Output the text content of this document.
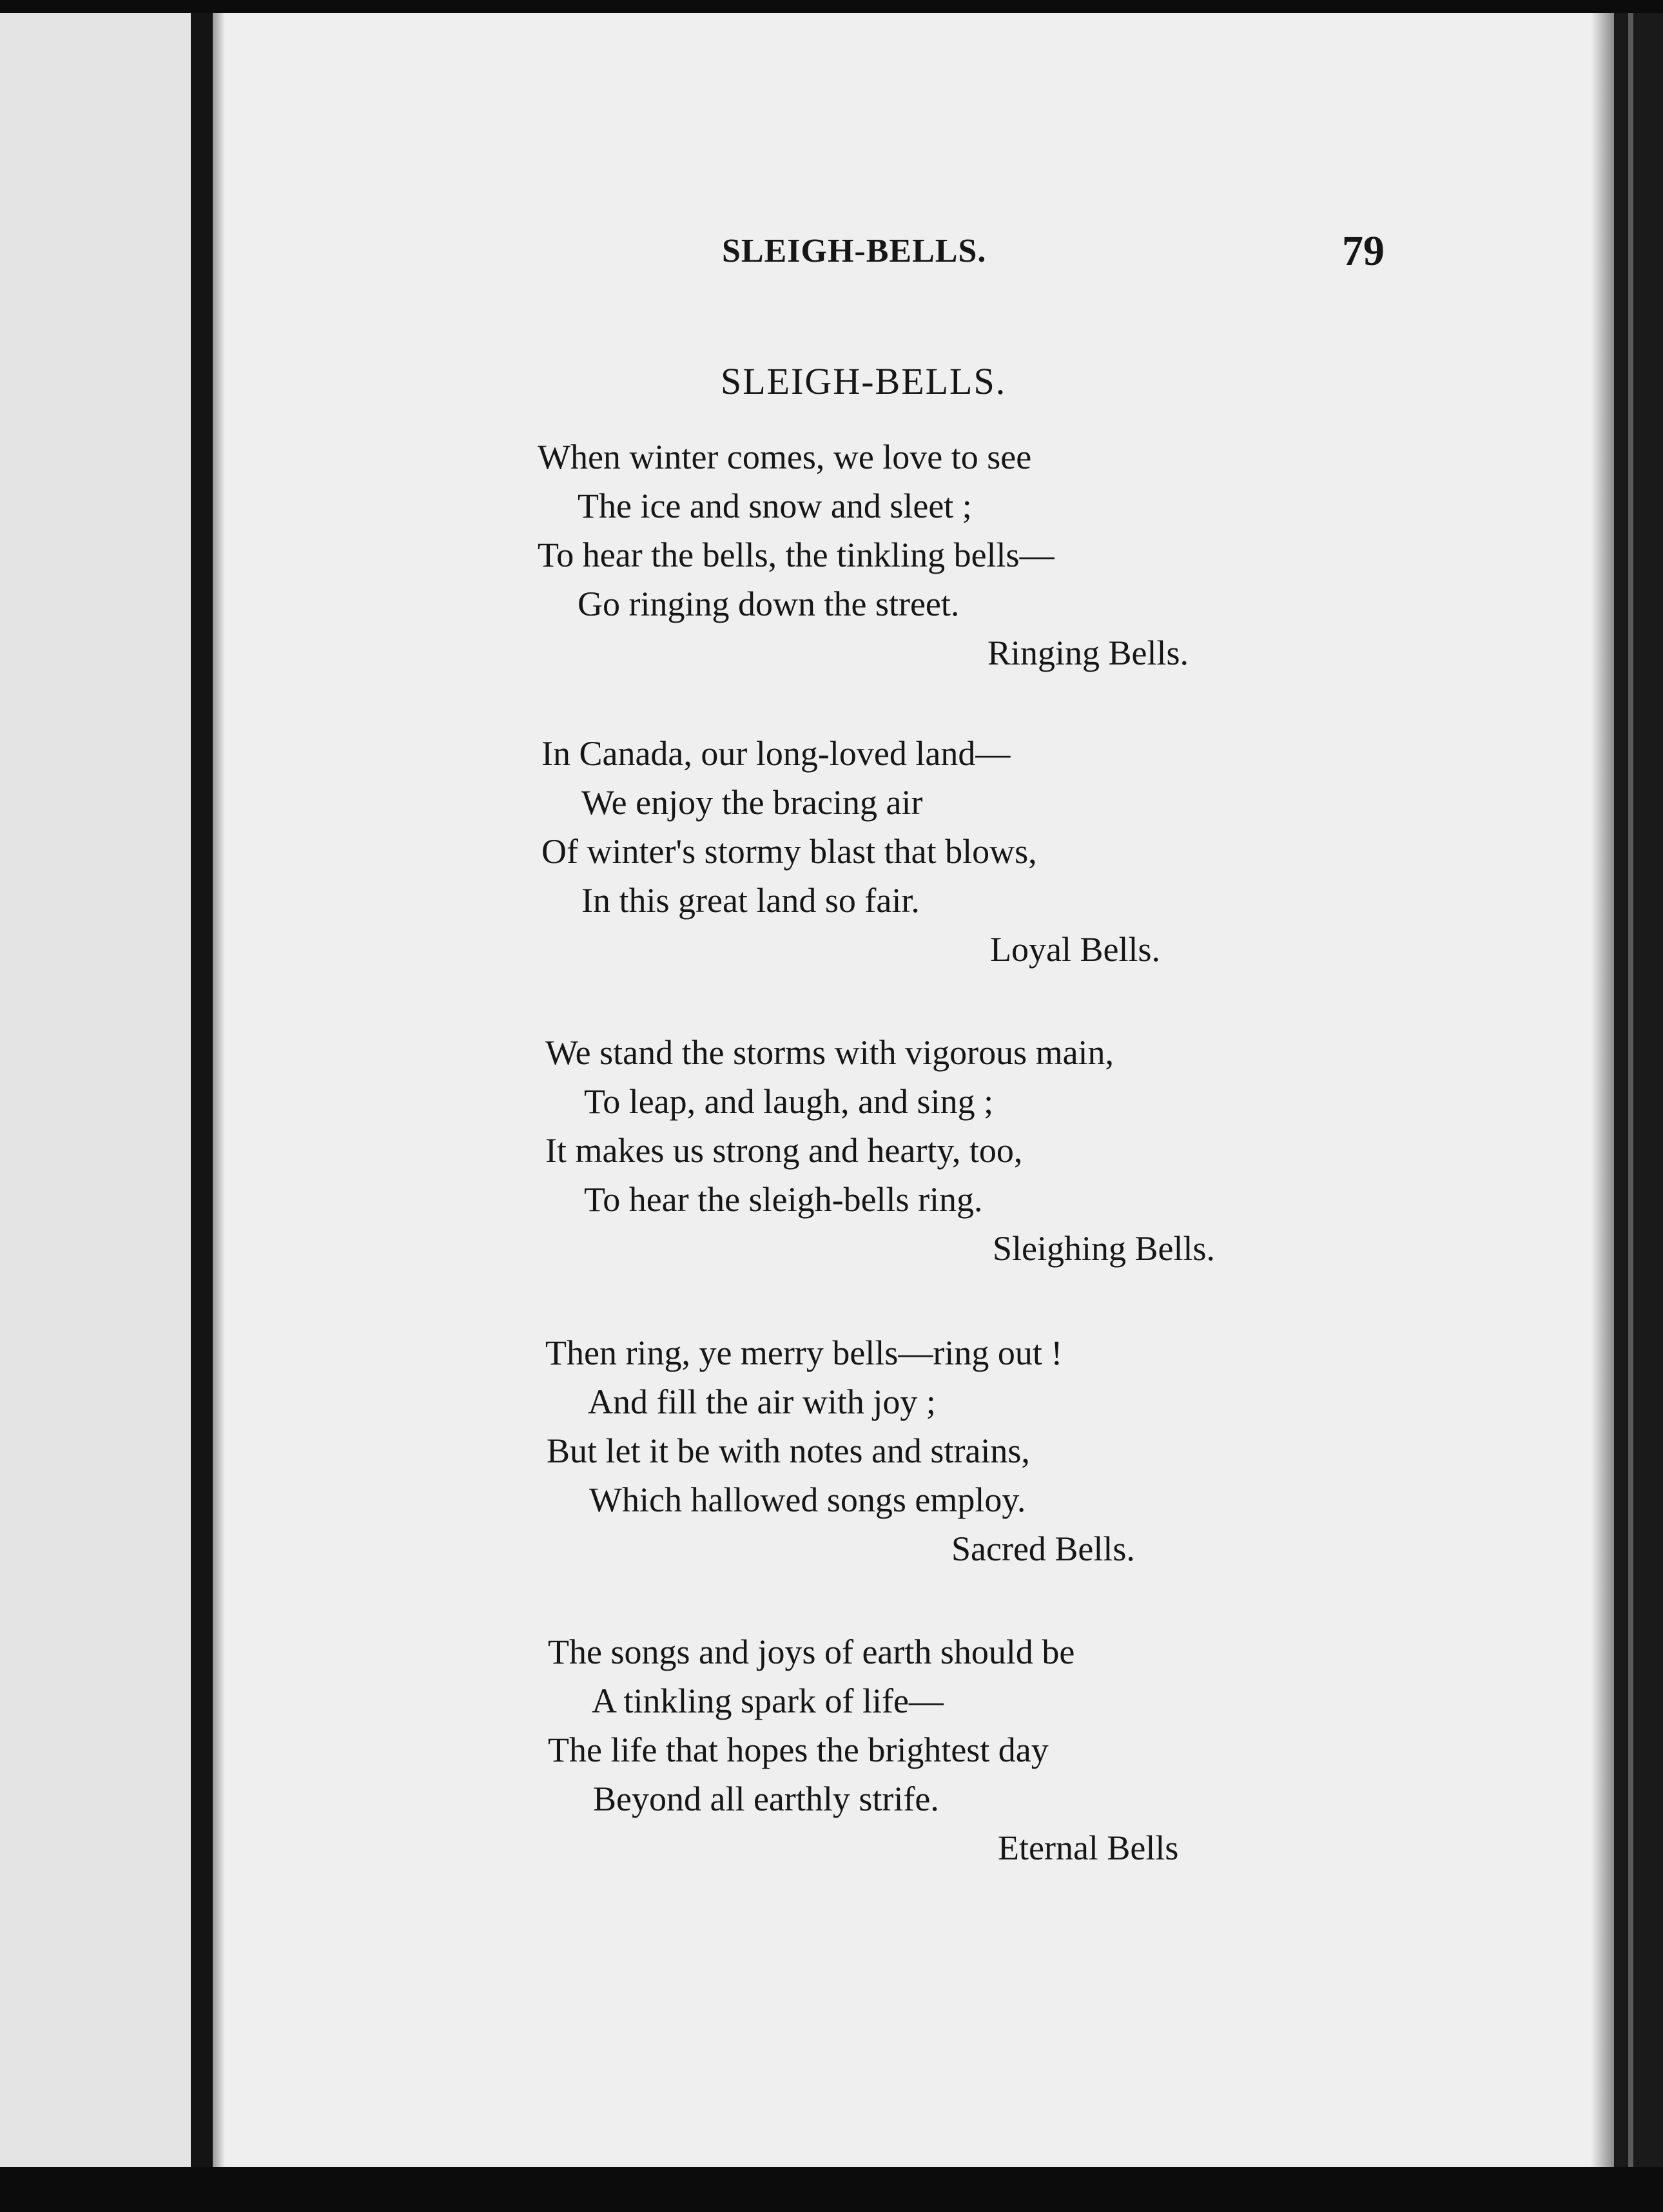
SLEIGH-BELLS.	79
SLEIGH-BELLS.
When winter comes, we love to see
The ice and snow and sleet ;
To hear the bells, the tinkling bells—
Go ringing down the street.
Ringing Bells.
In Canada, our long-loved land—
We enjoy the bracing air
Of winter's stormy blast that blows,
In this great land so fair.
Loyal Bells.
We stand the storms with vigorous main,
To leap, and laugh, and sing ;
It makes us strong and hearty, too,
To hear the sleigh-bells ring.
Sleighing Bells.
Then ring, ye merry bells—ring out !
And fill the air with joy ;
But let it be with notes and strains,
Which hallowed songs employ.
Sacred Bells.
The songs and joys of earth should be
A tinkling spark of life—
The life that hopes the brightest day
Beyond all earthly strife.
Eternal Bells
